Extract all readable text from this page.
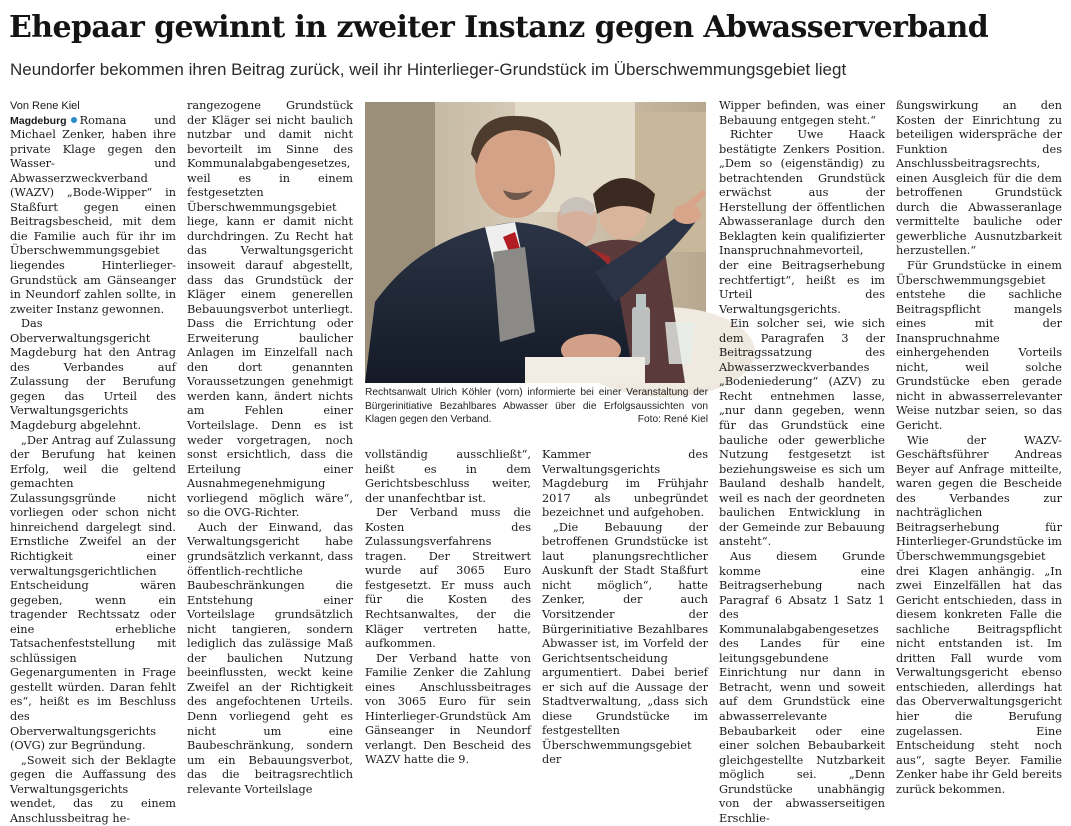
Ehepaar gewinnt in zweiter Instanz gegen Abwasserverband

Neundorfer bekommen ihren Beitrag zurück, weil ihr Hinterlieger-Grundstück im Überschwemmungsgebiet liegt

Von Rene Kiel

Magdeburg Romana und Michael Zenker, haben ihre private Klage gegen den Wasser- und Abwasserzweckverband (WAZV) „Bode-Wipper“ in Staßfurt gegen einen Beitragsbescheid, mit dem die Familie auch für ihr im Überschwemmungsgebiet liegendes Hinterlieger-Grundstück am Gänseanger in Neundorf zahlen sollte, in zweiter Instanz gewonnen.

Das Oberverwaltungsgericht Magdeburg hat den Antrag des Verbandes auf Zulassung der Berufung gegen das Urteil des Verwaltungsgerichts Magdeburg abgelehnt.

„Der Antrag auf Zulassung der Berufung hat keinen Erfolg, weil die geltend gemachten Zulassungsgründe nicht vorliegen oder schon nicht hinreichend dargelegt sind. Ernstliche Zweifel an der Richtigkeit einer verwaltungsgerichtlichen Entscheidung wären gegeben, wenn ein tragender Rechtssatz oder eine erhebliche Tatsachenfeststellung mit schlüssigen Gegenargumenten in Frage gestellt würden. Daran fehlt es“, heißt es im Beschluss des Oberverwaltungsgerichts (OVG) zur Begründung.

„Soweit sich der Beklagte gegen die Auffassung des Verwaltungsgerichts wendet, das zu einem Anschlussbeitrag he-

rangezogene Grundstück der Kläger sei nicht baulich nutzbar und damit nicht bevorteilt im Sinne des Kommunalabgabengesetzes, weil es in einem festgesetzten Überschwemmungsgebiet liege, kann er damit nicht durchdringen. Zu Recht hat das Verwaltungsgericht insoweit darauf abgestellt, dass das Grundstück der Kläger einem generellen Bebauungsverbot unterliegt. Dass die Errichtung oder Erweiterung baulicher Anlagen im Einzelfall nach den dort genannten Voraussetzungen genehmigt werden kann, ändert nichts am Fehlen einer Vorteilslage. Denn es ist weder vorgetragen, noch sonst ersichtlich, dass die Erteilung einer Ausnahmegenehmigung vorliegend möglich wäre“, so die OVG-Richter.

Auch der Einwand, das Verwaltungsgericht habe grundsätzlich verkannt, dass öffentlich-rechtliche Baubeschränkungen die Entstehung einer Vorteilslage grundsätzlich nicht tangieren, sondern lediglich das zulässige Maß der baulichen Nutzung beeinflussten, weckt keine Zweifel an der Richtigkeit des angefochtenen Urteils. Denn vorliegend geht es nicht um eine Baubeschränkung, sondern um ein Bebauungsverbot, das die beitragsrechtlich relevante Vorteilslage

Rechtsanwalt Ulrich Köhler (vorn) informierte bei einer Veranstaltung der Bürgerinitiative Bezahlbares Abwasser über die Erfolgsaussichten von Klagen gegen den Verband.	Foto: René Kiel

vollständig ausschließt“, heißt es in dem Gerichtsbeschluss weiter, der unanfechtbar ist.

Der Verband muss die Kosten des Zulassungsverfahrens tragen. Der Streitwert wurde auf 3065 Euro festgesetzt. Er muss auch für die Kosten des Rechtsanwaltes, der die Kläger vertreten hatte, aufkommen.

Der Verband hatte von Familie Zenker die Zahlung eines Anschlussbeitrages von 3065 Euro für sein Hinterlieger-Grundstück Am Gänseanger in Neundorf verlangt. Den Bescheid des WAZV hatte die 9.

Kammer des Verwaltungsgerichts Magdeburg im Frühjahr 2017 als unbegründet bezeichnet und aufgehoben.

„Die Bebauung der betroffenen Grundstücke ist laut planungsrechtlicher Auskunft der Stadt Staßfurt nicht möglich“, hatte Zenker, der auch Vorsitzender der Bürgerinitiative Bezahlbares Abwasser ist, im Vorfeld der Gerichtsentscheidung argumentiert. Dabei berief er sich auf die Aussage der Stadtverwaltung, „dass sich diese Grundstücke im festgestellten Überschwemmungsgebiet der

Wipper befinden, was einer Bebauung entgegen steht.“

Richter Uwe Haack bestätigte Zenkers Position. „Dem so (eigenständig) zu betrachtenden Grundstück erwächst aus der Herstellung der öffentlichen Abwasseranlage durch den Beklagten kein qualifizierter Inanspruchnahmevorteil, der eine Beitragserhebung rechtfertigt“, heißt es im Urteil des Verwaltungsgerichts.

Ein solcher sei, wie sich dem Paragrafen 3 der Beitragssatzung des Abwasserzweckverbandes „Bodeniederung“ (AZV) zu Recht entnehmen lasse, „nur dann gegeben, wenn für das Grundstück eine bauliche oder gewerbliche Nutzung festgesetzt ist beziehungsweise es sich um Bauland deshalb handelt, weil es nach der geordneten baulichen Entwicklung in der Gemeinde zur Bebauung ansteht“.

Aus diesem Grunde komme eine Beitragserhebung nach Paragraf 6 Absatz 1 Satz 1 des Kommunalabgabengesetzes des Landes für eine leitungsgebundene Einrichtung nur dann in Betracht, wenn und soweit auf dem Grundstück eine abwasserrelevante Bebaubarkeit oder eine einer solchen Bebaubarkeit gleichgestellte Nutzbarkeit möglich sei. „Denn Grundstücke unabhängig von der abwasserseitigen Erschlie-

ßungswirkung an den Kosten der Einrichtung zu beteiligen widerspräche der Funktion des Anschlussbeitragsrechts, einen Ausgleich für die dem betroffenen Grundstück durch die Abwasseranlage vermittelte bauliche oder gewerbliche Ausnutzbarkeit herzustellen.“

Für Grundstücke in einem Überschwemmungsgebiet entstehe die sachliche Beitragspflicht mangels eines mit der Inanspruchnahme einhergehenden Vorteils nicht, weil solche Grundstücke eben gerade nicht in abwasserrelevanter Weise nutzbar seien, so das Gericht.

Wie der WAZV-Geschäftsführer Andreas Beyer auf Anfrage mitteilte, waren gegen die Bescheide des Verbandes zur nachträglichen Beitragserhebung für Hinterlieger-Grundstücke im Überschwemmungsgebiet drei Klagen anhängig. „In zwei Einzelfällen hat das Gericht entschieden, dass in diesem konkreten Falle die sachliche Beitragspflicht nicht entstanden ist. Im dritten Fall wurde vom Verwaltungsgericht ebenso entschieden, allerdings hat das Oberverwaltungsgericht hier die Berufung zugelassen. Eine Entscheidung steht noch aus“, sagte Beyer. Familie Zenker habe ihr Geld bereits zurück bekommen.
